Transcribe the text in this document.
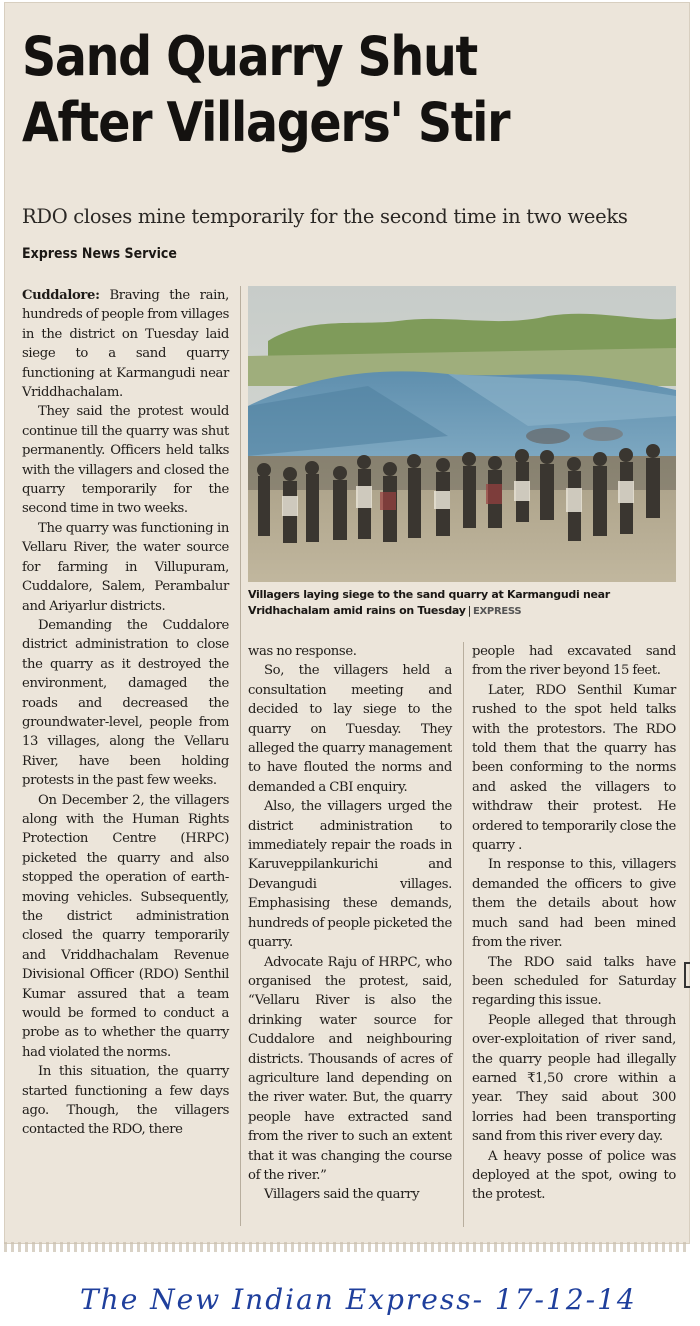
Sand Quarry Shut
After Villagers' Stir
RDO closes mine temporarily for the second time in two weeks
Express News Service

Cuddalore: Braving the rain, hundreds of people from villages in the district on Tuesday laid siege to a sand quarry functioning at Karmangudi near Vriddhachalam.

They said the protest would continue till the quarry was shut permanently. Officers held talks with the villagers and closed the quarry temporarily for the second time in two weeks.

The quarry was functioning in Vellaru River, the water source for farming in Villupuram, Cuddalore, Salem, Perambalur and Ariyarlur districts.

Demanding the Cuddalore district administration to close the quarry as it destroyed the environment, damaged the roads and decreased the groundwater-level, people from 13 villages, along the Vellaru River, have been holding protests in the past few weeks.

On December 2, the villagers along with the Human Rights Protection Centre (HRPC) picketed the quarry and also stopped the operation of earth- moving vehicles. Subsequently, the district administration closed the quarry temporarily and Vriddhachalam Revenue Divisional Officer (RDO) Senthil Kumar assured that a team would be formed to conduct a probe as to whether the quarry had violated the norms.

In this situation, the quarry started functioning a few days ago. Though, the villagers contacted the RDO, there

Villagers laying siege to the sand quarry at Karmangudi near Vridhachalam amid rains on Tuesday | EXPRESS

was no response.

So, the villagers held a consultation meeting and decided to lay siege to the quarry on Tuesday. They alleged the quarry management to have flouted the norms and demanded a CBI enquiry.

Also, the villagers urged the district administration to immediately repair the roads in Karuveppilankurichi and Devangudi villages. Emphasising these demands, hundreds of people picketed the quarry.

Advocate Raju of HRPC, who organised the protest, said, “Vellaru River is also the drinking water source for Cuddalore and neighbouring districts. Thousands of acres of agriculture land depending on the river water. But, the quarry people have extracted sand from the river to such an extent that it was changing the course of the river.”

Villagers said the quarry

people had excavated sand from the river beyond 15 feet.

Later, RDO Senthil Kumar rushed to the spot held talks with the protestors. The RDO told them that the quarry has been conforming to the norms and asked the villagers to withdraw their protest. He ordered to temporarily close the quarry .

In response to this, villagers demanded the officers to give them the details about how much sand had been mined from the river.

The RDO said talks have been scheduled for Saturday regarding this issue.

People alleged that through over-exploitation of river sand, the quarry people had illegally earned ₹1,50 crore within a year. They said about 300 lorries had been transporting sand from this river every day.

A heavy posse of police was deployed at the spot, owing to the protest.

The New Indian Express- 17-12-14
